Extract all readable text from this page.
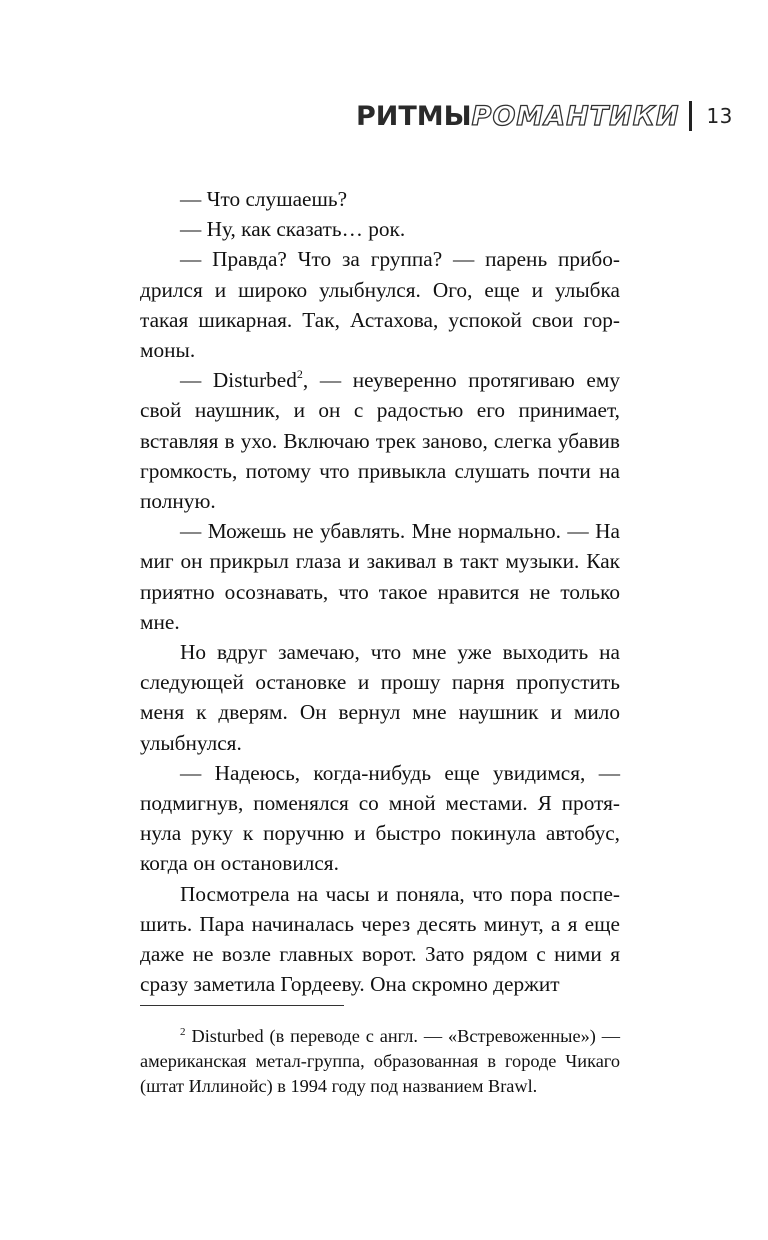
РИТМЫ РОМАНТИКИ 13

— Что слушаешь?

— Ну, как сказать… рок.

— Правда? Что за группа? — парень прибодрился и широко улыбнулся. Ого, еще и улыбка такая шикарная. Так, Астахова, успокой свои гормоны.

— Disturbed$^2$, — неуверенно протягиваю ему свой наушник, и он с радостью его принимает, вставляя в ухо. Включаю трек заново, слегка убавив громкость, потому что привыкла слушать почти на полную.

— Можешь не убавлять. Мне нормально. — На миг он прикрыл глаза и закивал в такт музыки. Как приятно осознавать, что такое нравится не только мне.

Но вдруг замечаю, что мне уже выходить на следующей остановке и прошу парня пропустить меня к дверям. Он вернул мне наушник и мило улыбнулся.

— Надеюсь, когда-нибудь еще увидимся, — подмигнув, поменялся со мной местами. Я протянула руку к поручню и быстро покинула автобус, когда он остановился.

Посмотрела на часы и поняла, что пора поспешить. Пара начиналась через десять минут, а я еще даже не возле главных ворот. Зато рядом с ними я сразу заметила Гордееву. Она скромно держит

$^2$ Disturbed (в переводе с англ. — «Встревоженные») — американская метал-группа, образованная в городе Чикаго (штат Иллинойс) в 1994 году под названием Brawl.
